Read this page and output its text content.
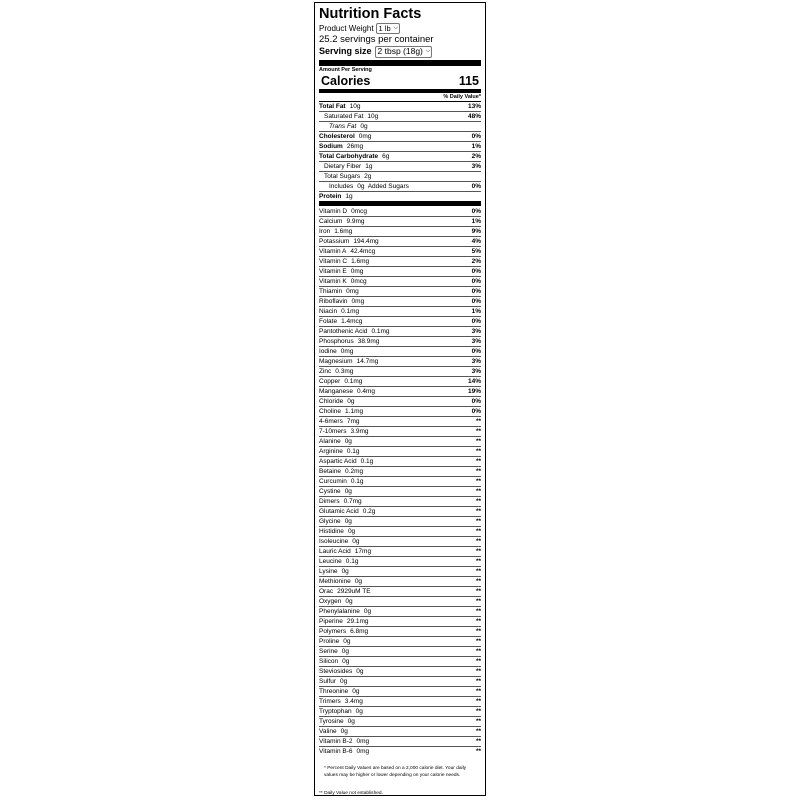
Nutrition Facts
Product Weight 1 lb ⌵
25.2 servings per container
Serving size 2 tbsp (18g) ⌵
Amount Per Serving
Calories	115
% Daily Value*
Total Fat 10g	13%
Saturated Fat 10g	48%
Trans Fat 0g
Cholesterol 0mg	0%
Sodium 26mg	1%
Total Carbohydrate 6g	2%
Dietary Fiber 1g	3%
Total Sugars 2g
Includes 0g  Added Sugars	0%
Protein 1g
Vitamin D 0mcg	0%
Calcium 9.9mg	1%
Iron 1.6mg	9%
Potassium 194.4mg	4%
Vitamin A 42.4mcg	5%
Vitamin C 1.6mg	2%
Vitamin E 0mg	0%
Vitamin K 0mcg	0%
Thiamin 0mg	0%
Riboflavin 0mg	0%
Niacin 0.1mg	1%
Folate 1.4mcg	0%
Pantothenic Acid 0.1mg	3%
Phosphorus 38.9mg	3%
Iodine 0mg	0%
Magnesium 14.7mg	3%
Zinc 0.3mg	3%
Copper 0.1mg	14%
Manganese 0.4mg	19%
Chloride 0g	0%
Choline 1.1mg	0%
4-6mers 7mg	**
7-10mers 3.9mg	**
Alanine 0g	**
Arginine 0.1g	**
Aspartic Acid 0.1g	**
Betaine 0.2mg	**
Curcumin 0.1g	**
Cystine 0g	**
Dimers 0.7mg	**
Glutamic Acid 0.2g	**
Glycine 0g	**
Histidine 0g	**
Isoleucine 0g	**
Lauric Acid 17mg	**
Leucine 0.1g	**
Lysine 0g	**
Methionine 0g	**
Orac 2929uM TE	**
Oxygen 0g	**
Phenylalanine 0g	**
Piperine 29.1mg	**
Polymers 6.8mg	**
Proline 0g	**
Serine 0g	**
Silicon 0g	**
Steviosides 0g	**
Sulfur 0g	**
Threonine 0g	**
Trimers 3.4mg	**
Tryptophan 0g	**
Tyrosine 0g	**
Valine 0g	**
Vitamin B-2 0mg	**
Vitamin B-6 0mg	**
* Percent Daily Values are based on a 2,000 calorie diet. Your daily values may be higher or lower depending on your calorie needs.
** Daily Value not established.
